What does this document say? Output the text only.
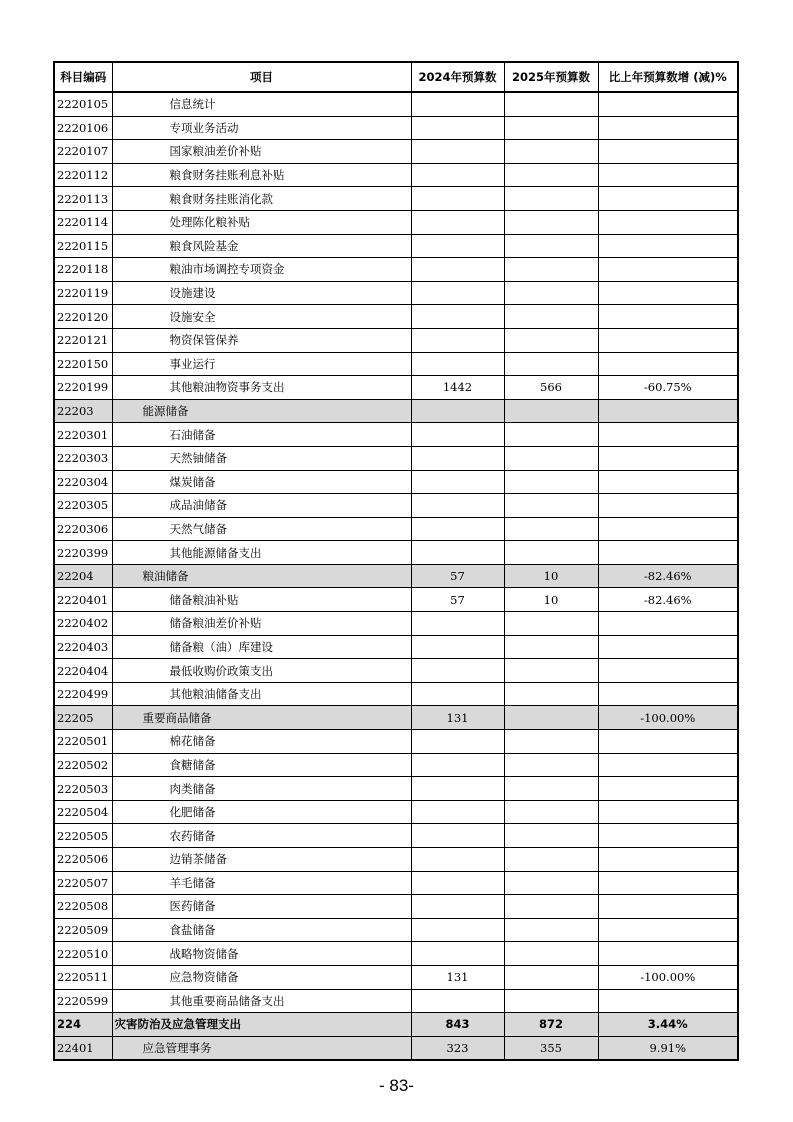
科目编码	项目	2024年预算数	2025年预算数	比上年预算数增 (减)%
2220105	信息统计			
2220106	专项业务活动			
2220107	国家粮油差价补贴			
2220112	粮食财务挂账利息补贴			
2220113	粮食财务挂账消化款			
2220114	处理陈化粮补贴			
2220115	粮食风险基金			
2220118	粮油市场调控专项资金			
2220119	设施建设			
2220120	设施安全			
2220121	物资保管保养			
2220150	事业运行			
2220199	其他粮油物资事务支出	1442	566	-60.75%
22203	能源储备			
2220301	石油储备			
2220303	天然铀储备			
2220304	煤炭储备			
2220305	成品油储备			
2220306	天然气储备			
2220399	其他能源储备支出			
22204	粮油储备	57	10	-82.46%
2220401	储备粮油补贴	57	10	-82.46%
2220402	储备粮油差价补贴			
2220403	储备粮（油）库建设			
2220404	最低收购价政策支出			
2220499	其他粮油储备支出			
22205	重要商品储备	131		-100.00%
2220501	棉花储备			
2220502	食糖储备			
2220503	肉类储备			
2220504	化肥储备			
2220505	农药储备			
2220506	边销茶储备			
2220507	羊毛储备			
2220508	医药储备			
2220509	食盐储备			
2220510	战略物资储备			
2220511	应急物资储备	131		-100.00%
2220599	其他重要商品储备支出			
224	灾害防治及应急管理支出	843	872	3.44%
22401	应急管理事务	323	355	9.91%
- 83-
